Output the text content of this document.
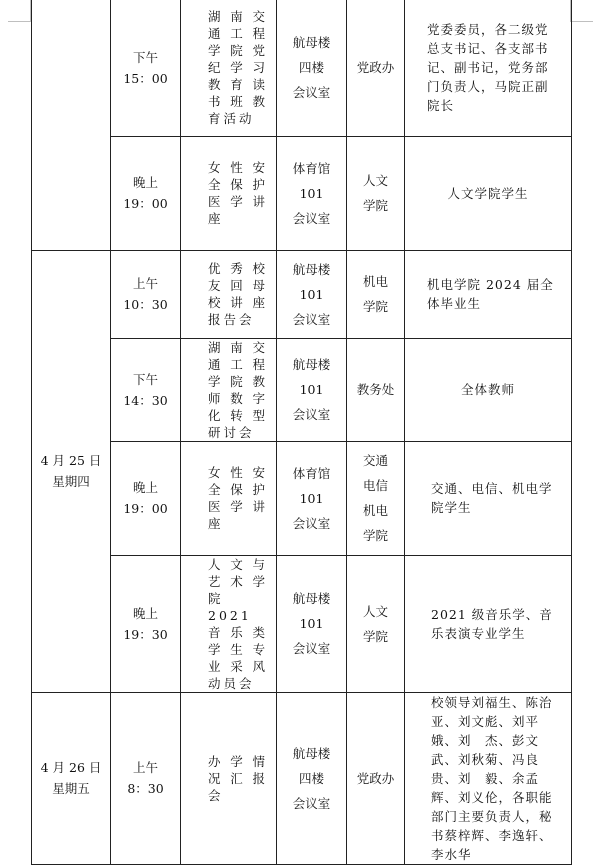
	下午
15：00	湖南交通工程学院党纪学习教育读书班教育活动	航母楼
四楼
会议室	党政办	党委委员，各二级党总支书记、各支部书记、副书记，党务部门负责人，马院正副院长

	晚上
19：00	女性安全保护医学讲座	体育馆
101
会议室	人文
学院	人文学院学生
4 月 25 日
星期四	上午
10：30	优秀校友回母校讲座报告会	航母楼
101
会议室	机电
学院	机电学院 2024 届全体毕业生

	下午
14：30	湖南交通工程学院教师数字化转型研讨会	航母楼
101
会议室	教务处	全体教师
	晚上
19：00	女性安全保护医学讲座	体育馆
101
会议室	交通
电信
机电
学院	交通、电信、机电学院学生

	晚上
19：30	人文与艺术学院 2021 音乐类学生专业采风动员会	航母楼
101
会议室	人文
学院	2021 级音乐学、音乐表演专业学生

4 月 26 日
星期五	上午
8：30	办学情况汇报会	航母楼
四楼
会议室	党政办	校领导刘福生、陈治亚、刘文彪、刘平娥、刘　杰、彭文武、刘秋菊、冯良贵、刘　毅、余孟辉、刘义伦，各职能部门主要负责人，秘书蔡梓辉、李逸轩、李水华
